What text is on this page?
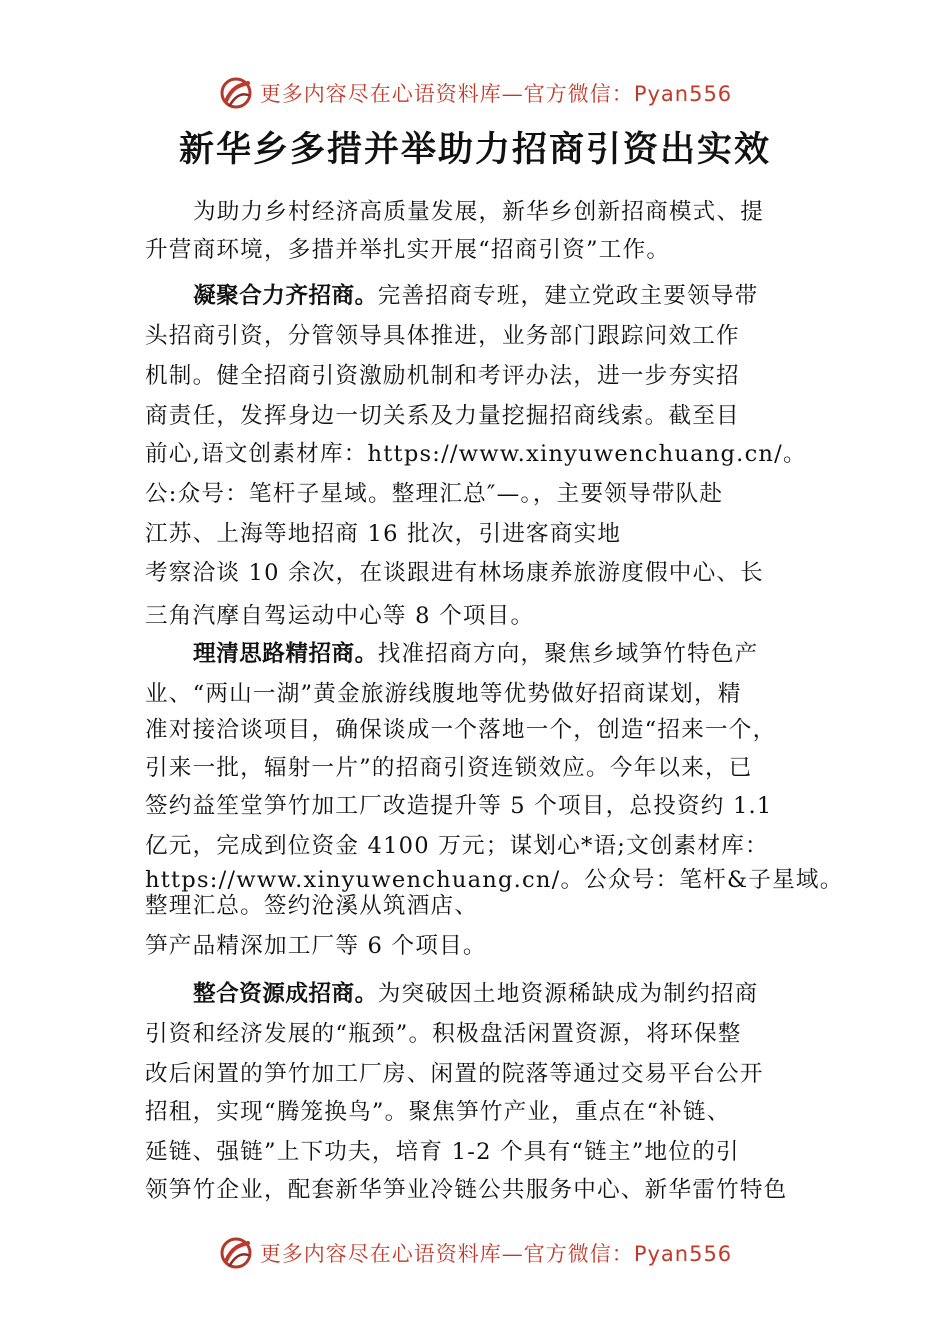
更多内容尽在心语资料库—官方微信：Pyan556
新华乡多措并举助力招商引资出实效

为助力乡村经济高质量发展，新华乡创新招商模式、提

升营商环境，多措并举扎实开展“招商引资”工作。

凝聚合力齐招商。完善招商专班，建立党政主要领导带

头招商引资，分管领导具体推进，业务部门跟踪问效工作

机制。健全招商引资激励机制和考评办法，进一步夯实招

商责任，发挥身边一切关系及力量挖掘招商线索。截至目

前心,语文创素材库：https://www.xinyuwenchuang.cn/。

公:众号：笔杆子星域。整理汇总″—。，主要领导带队赴

江苏、上海等地招商 16 批次，引进客商实地

考察洽谈 10 余次，在谈跟进有林场康养旅游度假中心、长

三角汽摩自驾运动中心等 8 个项目。

理清思路精招商。找准招商方向，聚焦乡域笋竹特色产

业、“两山一湖”黄金旅游线腹地等优势做好招商谋划，精

准对接洽谈项目，确保谈成一个落地一个，创造“招来一个，

引来一批，辐射一片”的招商引资连锁效应。今年以来，已

签约益笙堂笋竹加工厂改造提升等 5 个项目，总投资约 1.1

亿元，完成到位资金 4100 万元；谋划心*语;文创素材库：

https://www.xinyuwenchuang.cn/。公众号：笔杆&子星域。

整理汇总。签约沧溪从筑酒店、

笋产品精深加工厂等 6 个项目。

整合资源成招商。为突破因土地资源稀缺成为制约招商

引资和经济发展的“瓶颈”。积极盘活闲置资源，将环保整

改后闲置的笋竹加工厂房、闲置的院落等通过交易平台公开

招租，实现“腾笼换鸟”。聚焦笋竹产业，重点在“补链、

延链、强链”上下功夫，培育 1-2 个具有“链主”地位的引

领笋竹企业，配套新华笋业冷链公共服务中心、新华雷竹特色

更多内容尽在心语资料库—官方微信：Pyan556
